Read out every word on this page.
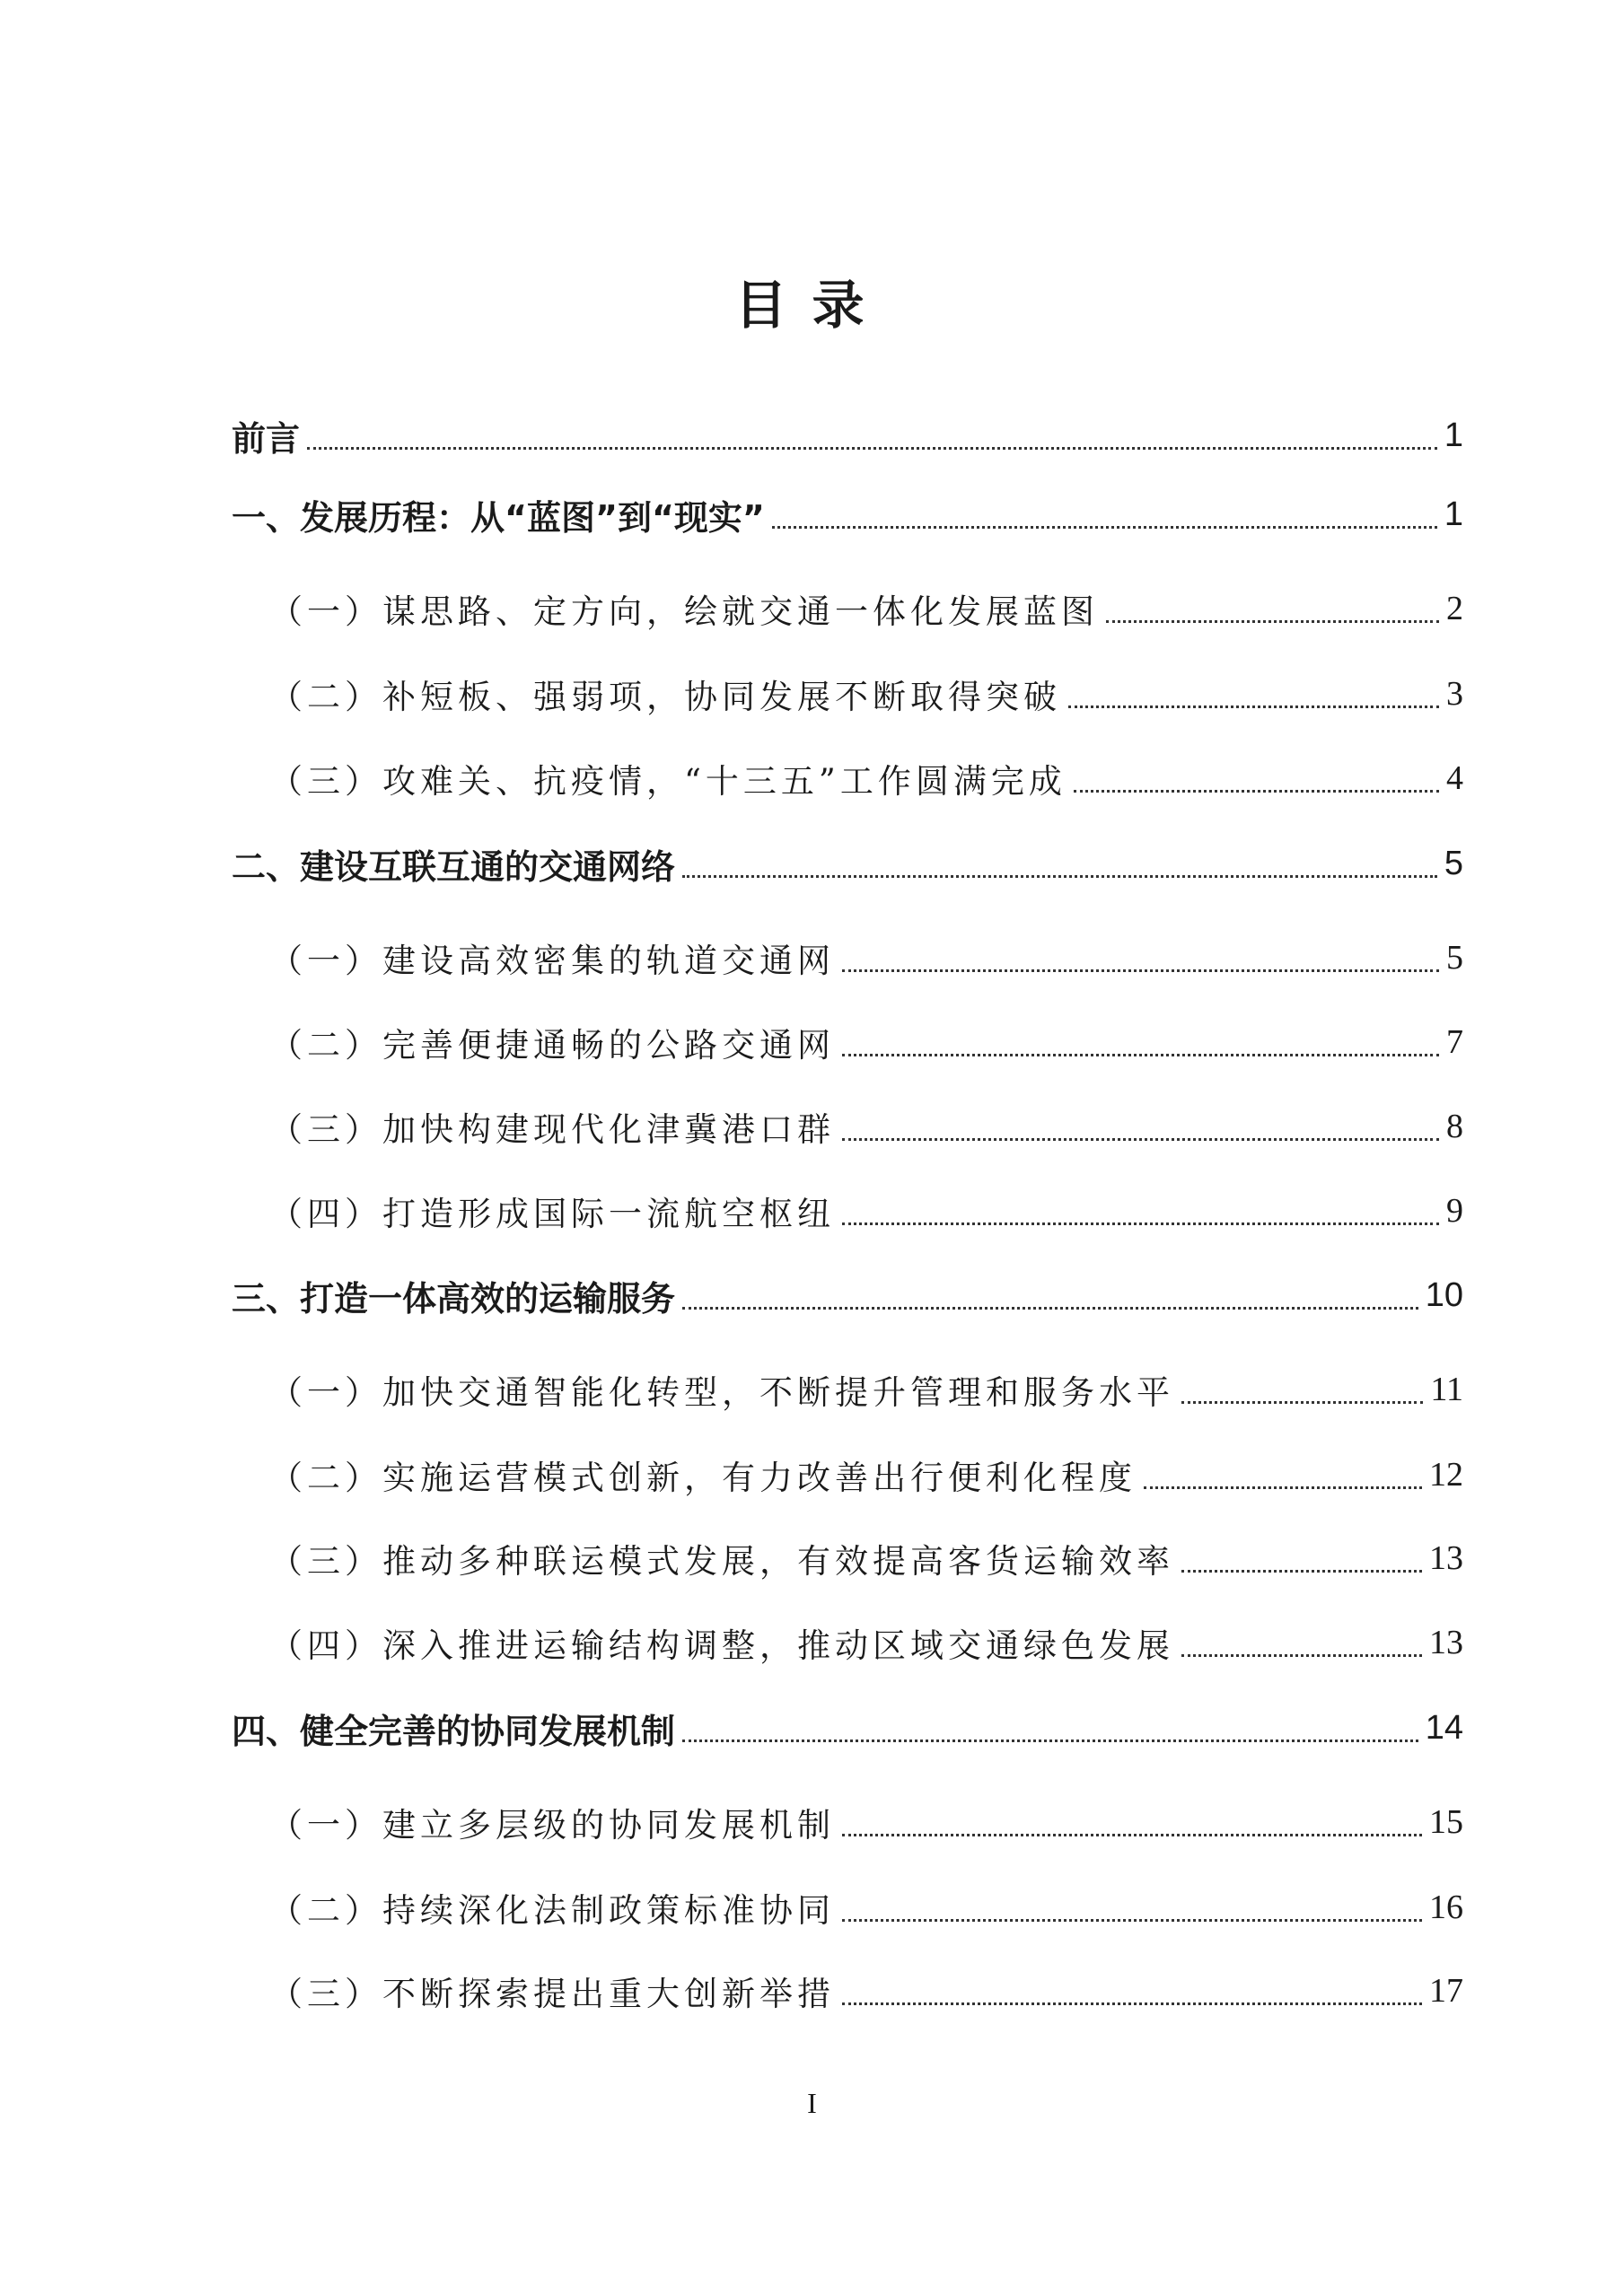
目录
前言	1
一、发展历程：从“蓝图”到“现实”	1
（一）谋思路、定方向，绘就交通一体化发展蓝图	2
（二）补短板、强弱项，协同发展不断取得突破	3
（三）攻难关、抗疫情，“十三五”工作圆满完成	4
二、建设互联互通的交通网络	5
（一）建设高效密集的轨道交通网	5
（二）完善便捷通畅的公路交通网	7
（三）加快构建现代化津冀港口群	8
（四）打造形成国际一流航空枢纽	9
三、打造一体高效的运输服务	10
（一）加快交通智能化转型，不断提升管理和服务水平	11
（二）实施运营模式创新，有力改善出行便利化程度	12
（三）推动多种联运模式发展，有效提高客货运输效率	13
（四）深入推进运输结构调整，推动区域交通绿色发展	13
四、健全完善的协同发展机制	14
（一）建立多层级的协同发展机制	15
（二）持续深化法制政策标准协同	16
（三）不断探索提出重大创新举措	17
I
